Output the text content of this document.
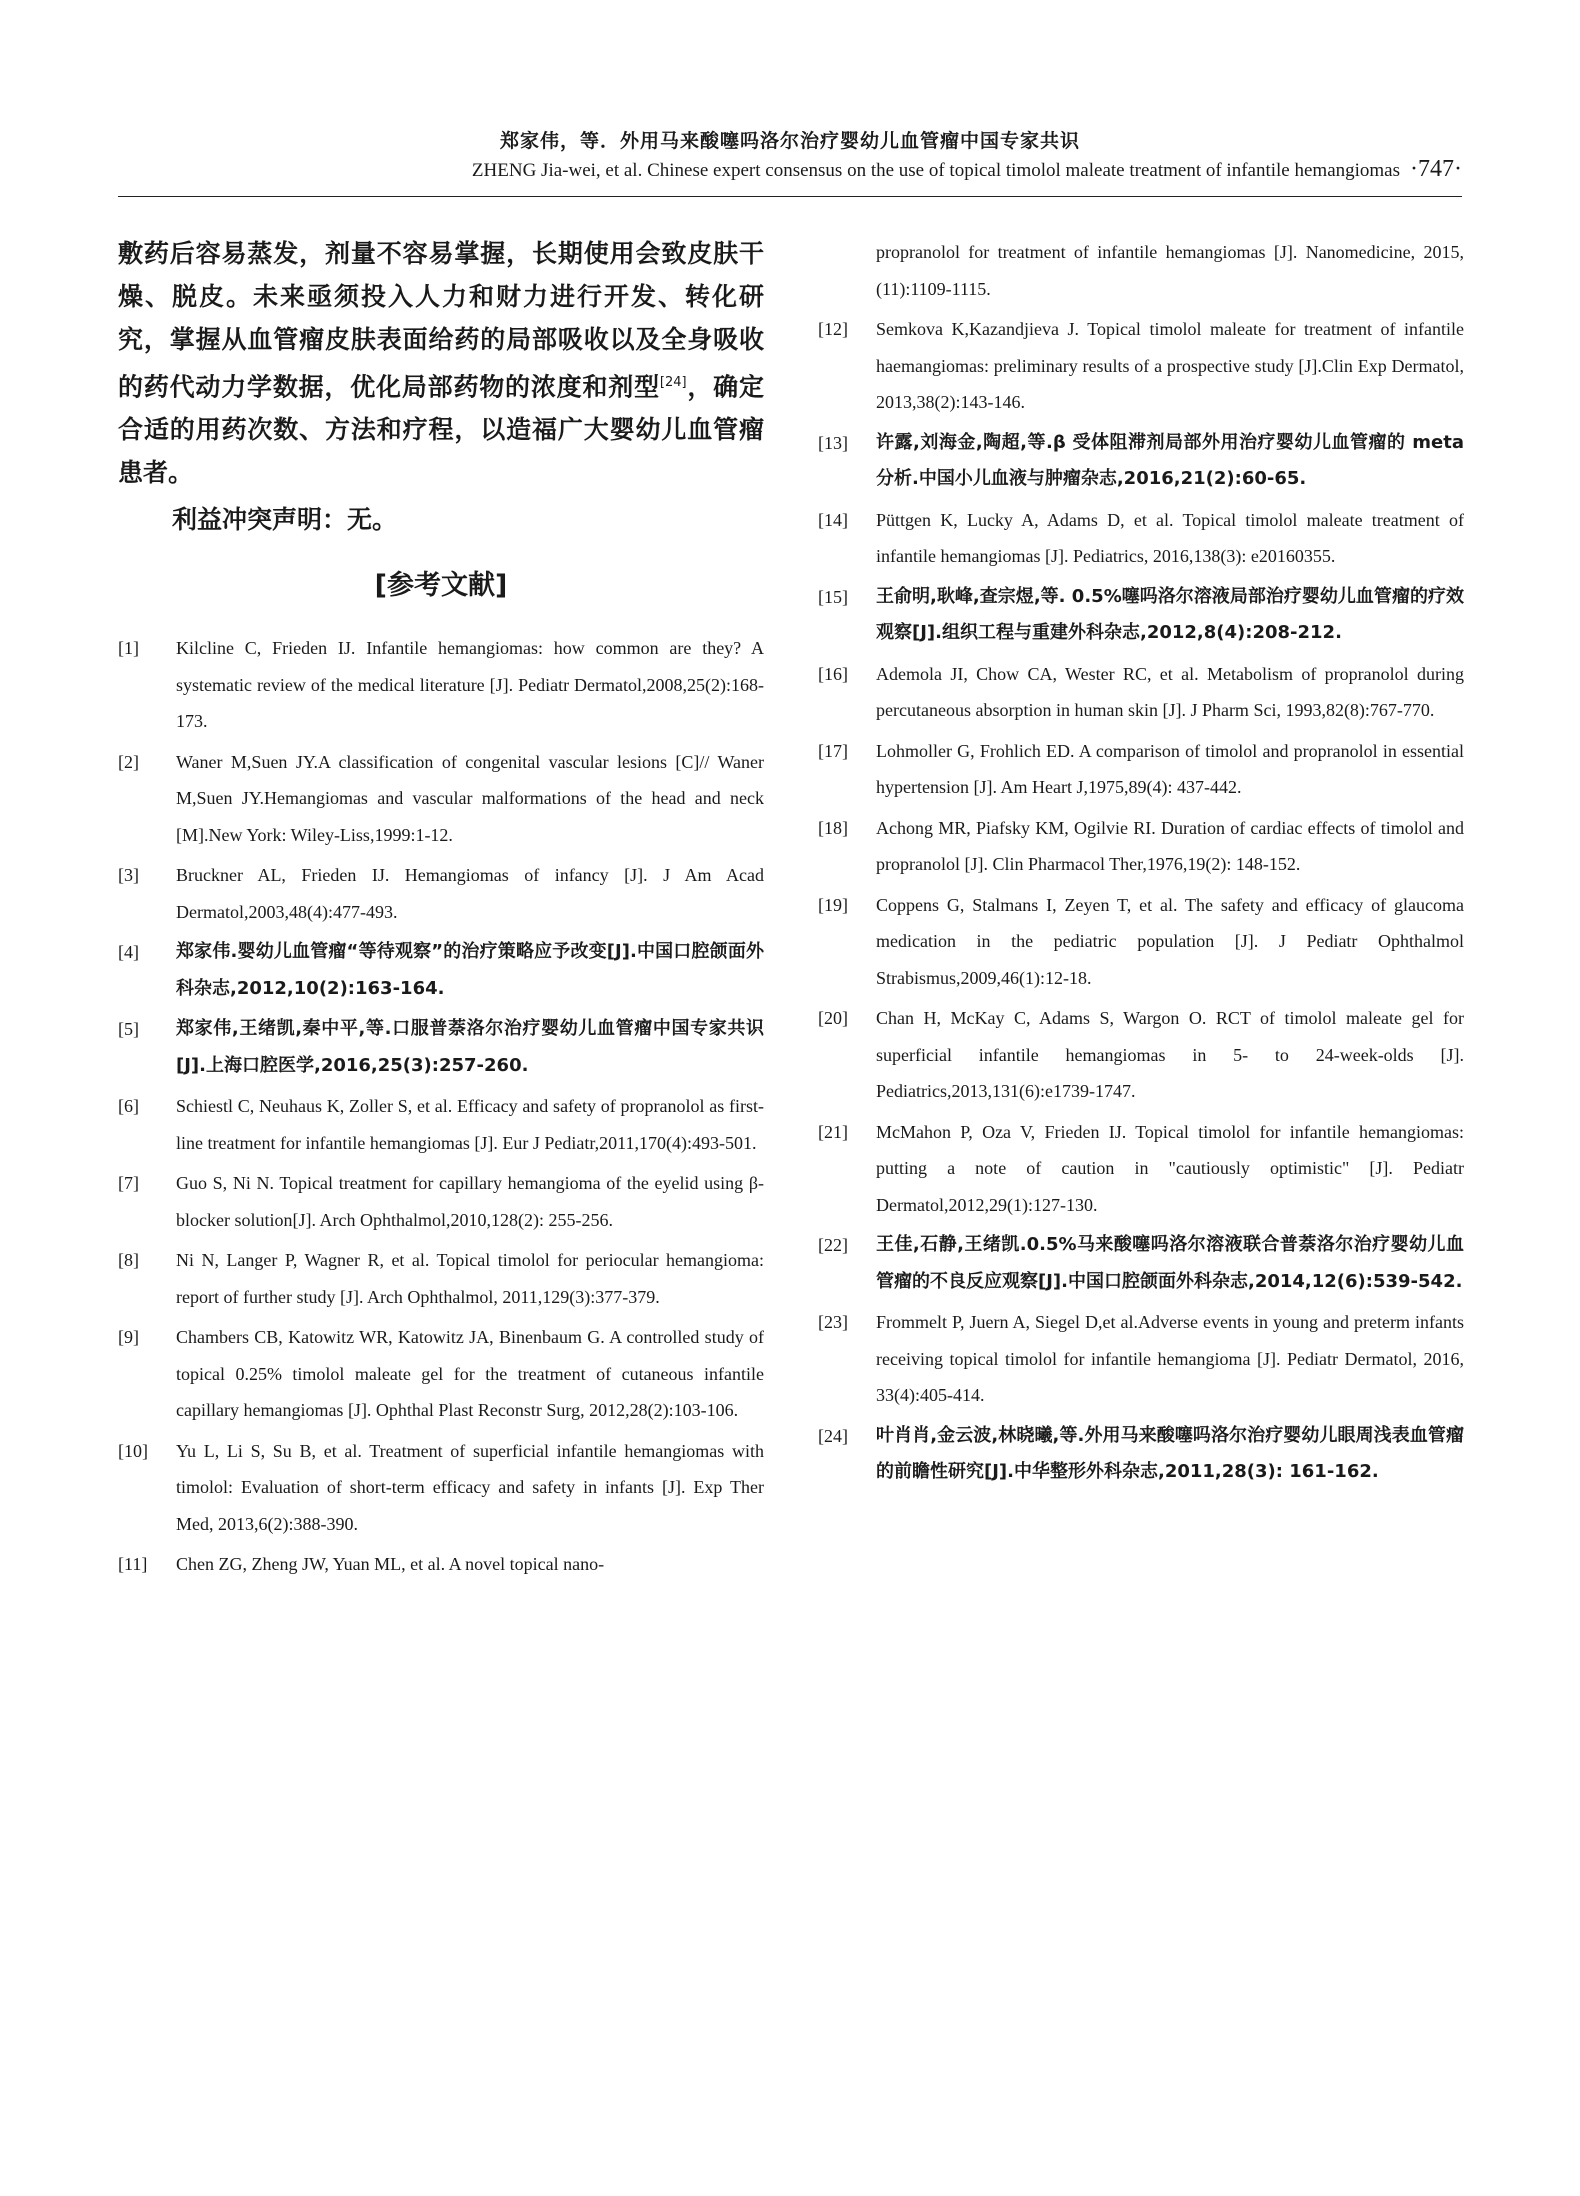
郑家伟，等．外用马来酸噻吗洛尔治疗婴幼儿血管瘤中国专家共识
ZHENG Jia-wei, et al. Chinese expert consensus on the use of topical timolol maleate treatment of infantile hemangiomas ·747·

敷药后容易蒸发，剂量不容易掌握，长期使用会致皮肤干燥、脱皮。未来亟须投入人力和财力进行开发、转化研究，掌握从血管瘤皮肤表面给药的局部吸收以及全身吸收的药代动力学数据，优化局部药物的浓度和剂型[24]，确定合适的用药次数、方法和疗程，以造福广大婴幼儿血管瘤患者。

利益冲突声明：无。
[参考文献]
[1]	Kilcline C, Frieden IJ. Infantile hemangiomas: how common are they? A systematic review of the medical literature [J]. Pediatr Dermatol,2008,25(2):168-173.
[2]	Waner M,Suen JY.A classification of congenital vascular lesions [C]// Waner M,Suen JY.Hemangiomas and vascular malformations of the head and neck [M].New York: Wiley-Liss,1999:1-12.
[3]	Bruckner AL, Frieden IJ. Hemangiomas of infancy [J]. J Am Acad Dermatol,2003,48(4):477-493.
[4]	郑家伟.婴幼儿血管瘤“等待观察”的治疗策略应予改变[J].中国口腔颌面外科杂志,2012,10(2):163-164.
[5]	郑家伟,王绪凯,秦中平,等.口服普萘洛尔治疗婴幼儿血管瘤中国专家共识[J].上海口腔医学,2016,25(3):257-260.
[6]	Schiestl C, Neuhaus K, Zoller S, et al. Efficacy and safety of propranolol as first-line treatment for infantile hemangiomas [J]. Eur J Pediatr,2011,170(4):493-501.
[7]	Guo S, Ni N. Topical treatment for capillary hemangioma of the eyelid using β-blocker solution[J]. Arch Ophthalmol,2010,128(2): 255-256.
[8]	Ni N, Langer P, Wagner R, et al. Topical timolol for periocular hemangioma: report of further study [J]. Arch Ophthalmol, 2011,129(3):377-379.
[9]	Chambers CB, Katowitz WR, Katowitz JA, Binenbaum G. A controlled study of topical 0.25% timolol maleate gel for the treatment of cutaneous infantile capillary hemangiomas [J]. Ophthal Plast Reconstr Surg, 2012,28(2):103-106.
[10]	Yu L, Li S, Su B, et al. Treatment of superficial infantile hemangiomas with timolol: Evaluation of short-term efficacy and safety in infants [J]. Exp Ther Med, 2013,6(2):388-390.
[11]	Chen ZG, Zheng JW, Yuan ML, et al. A novel topical nano-
propranolol for treatment of infantile hemangiomas [J]. Nanomedicine, 2015,(11):1109-1115.
[12]	Semkova K,Kazandjieva J. Topical timolol maleate for treatment of infantile haemangiomas: preliminary results of a prospective study [J].Clin Exp Dermatol, 2013,38(2):143-146.
[13]	许露,刘海金,陶超,等.β 受体阻滞剂局部外用治疗婴幼儿血管瘤的 meta 分析.中国小儿血液与肿瘤杂志,2016,21(2):60-65.
[14]	Püttgen K, Lucky A, Adams D, et al. Topical timolol maleate treatment of infantile hemangiomas [J]. Pediatrics, 2016,138(3): e20160355.
[15]	王俞明,耿峰,查宗煜,等. 0.5%噻吗洛尔溶液局部治疗婴幼儿血管瘤的疗效观察[J].组织工程与重建外科杂志,2012,8(4):208-212.
[16]	Ademola JI, Chow CA, Wester RC, et al. Metabolism of propranolol during percutaneous absorption in human skin [J]. J Pharm Sci, 1993,82(8):767-770.
[17]	Lohmoller G, Frohlich ED. A comparison of timolol and propranolol in essential hypertension [J]. Am Heart J,1975,89(4): 437-442.
[18]	Achong MR, Piafsky KM, Ogilvie RI. Duration of cardiac effects of timolol and propranolol [J]. Clin Pharmacol Ther,1976,19(2): 148-152.
[19]	Coppens G, Stalmans I, Zeyen T, et al. The safety and efficacy of glaucoma medication in the pediatric population [J]. J Pediatr Ophthalmol Strabismus,2009,46(1):12-18.
[20]	Chan H, McKay C, Adams S, Wargon O. RCT of timolol maleate gel for superficial infantile hemangiomas in 5- to 24-week-olds [J]. Pediatrics,2013,131(6):e1739-1747.
[21]	McMahon P, Oza V, Frieden IJ. Topical timolol for infantile hemangiomas: putting a note of caution in "cautiously optimistic" [J]. Pediatr Dermatol,2012,29(1):127-130.
[22]	王佳,石静,王绪凯.0.5%马来酸噻吗洛尔溶液联合普萘洛尔治疗婴幼儿血管瘤的不良反应观察[J].中国口腔颌面外科杂志,2014,12(6):539-542.
[23]	Frommelt P, Juern A, Siegel D,et al.Adverse events in young and preterm infants receiving topical timolol for infantile hemangioma [J]. Pediatr Dermatol, 2016, 33(4):405-414.
[24]	叶肖肖,金云波,林晓曦,等.外用马来酸噻吗洛尔治疗婴幼儿眼周浅表血管瘤的前瞻性研究[J].中华整形外科杂志,2011,28(3): 161-162.
